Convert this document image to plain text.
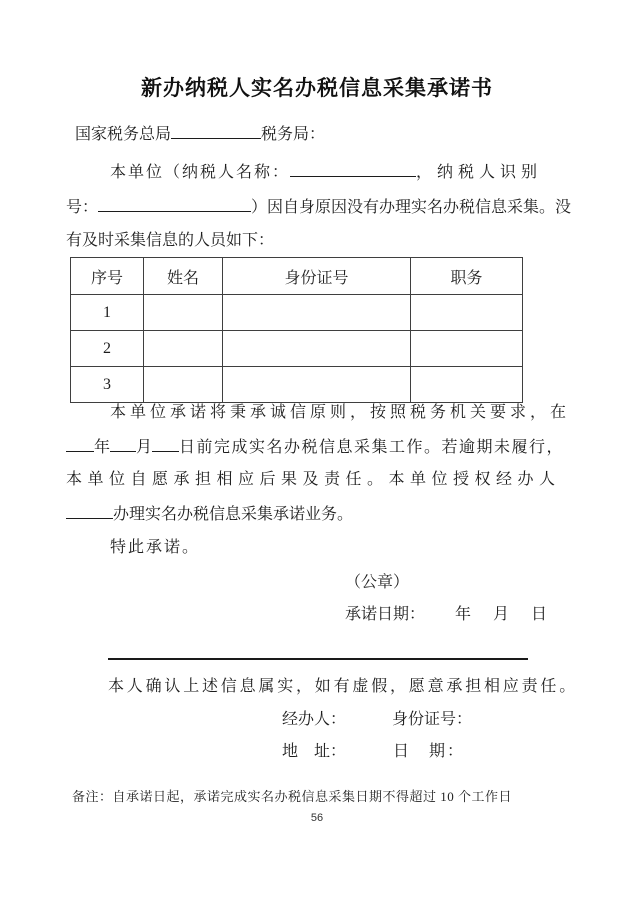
新办纳税人实名办税信息采集承诺书
国家税务总局	税务局：
本单位（纳税人名称：	，纳税人识别
号：	）因自身原因没有办理实名办税信息采集。没
有及时采集信息的人员如下：
序号	姓名	身份证号	职务
1			
2			
3			
本单位承诺将秉承诚信原则，按照税务机关要求，在
年 月 日前完成实名办税信息采集工作。若逾期未履行，
本单位自愿承担相应后果及责任。本单位授权经办人
办理实名办税信息采集承诺业务。
特此承诺。
（公章）
承诺日期： 年 月 日
本人确认上述信息属实，如有虚假，愿意承担相应责任。
经办人：	身份证号：
地　址：	日　期：
备注：自承诺日起，承诺完成实名办税信息采集日期不得超过 10 个工作日
56
